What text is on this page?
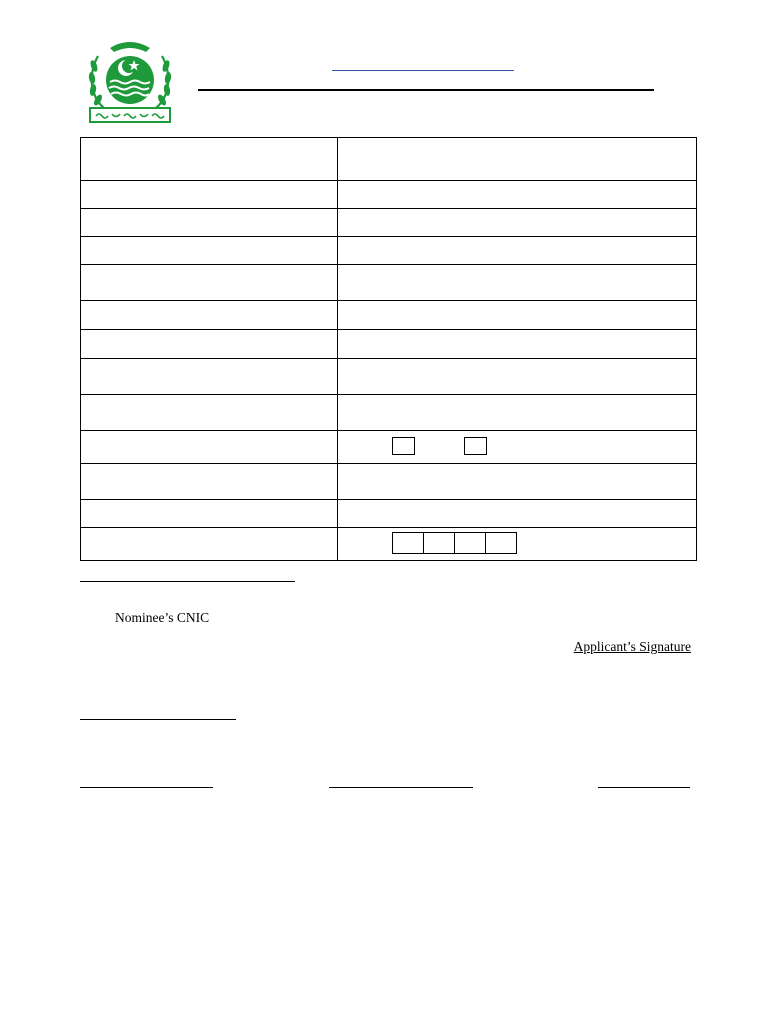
Nominee’s CNIC
Applicant’s Signature
